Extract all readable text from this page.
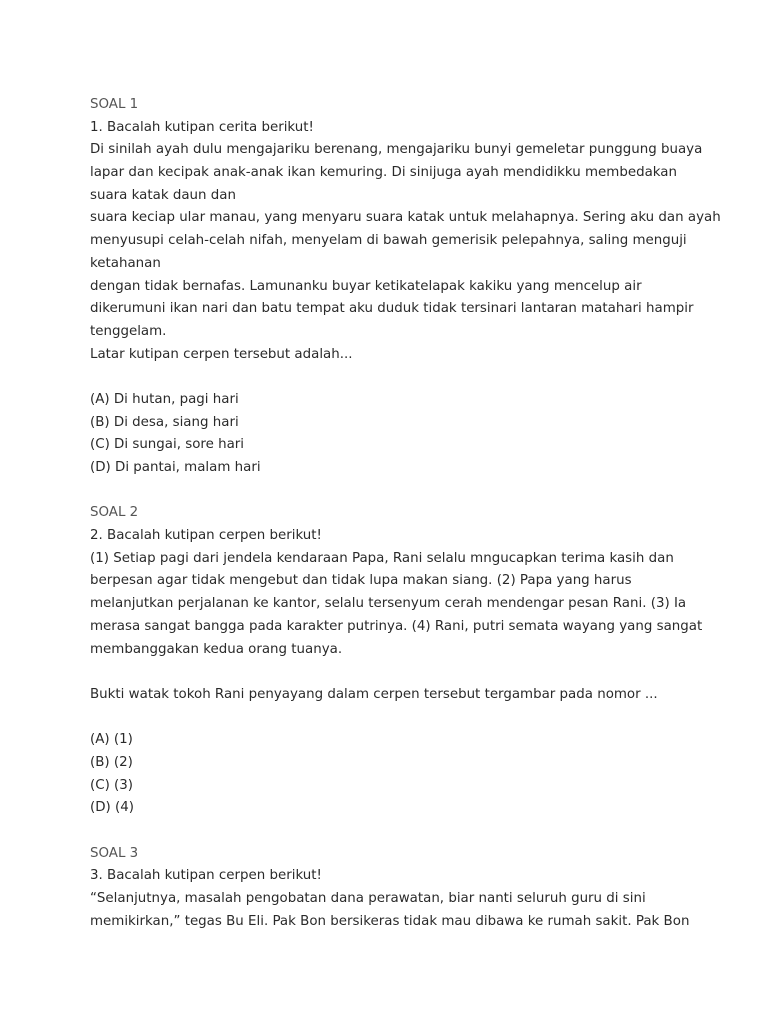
SOAL 1
1. Bacalah kutipan cerita berikut!
Di sinilah ayah dulu mengajariku berenang, mengajariku bunyi gemeletar punggung buaya
lapar dan kecipak anak-anak ikan kemuring. Di sinijuga ayah mendidikku membedakan
suara katak daun dan
suara keciap ular manau, yang menyaru suara katak untuk melahapnya. Sering aku dan ayah
menyusupi celah-celah nifah, menyelam di bawah gemerisik pelepahnya, saling menguji
ketahanan
dengan tidak bernafas. Lamunanku buyar ketikatelapak kakiku yang mencelup air
dikerumuni ikan nari dan batu tempat aku duduk tidak tersinari lantaran matahari hampir
tenggelam.
Latar kutipan cerpen tersebut adalah...
(A) Di hutan, pagi hari
(B) Di desa, siang hari
(C) Di sungai, sore hari
(D) Di pantai, malam hari
SOAL 2
2. Bacalah kutipan cerpen berikut!
(1) Setiap pagi dari jendela kendaraan Papa, Rani selalu mngucapkan terima kasih dan
berpesan agar tidak mengebut dan tidak lupa makan siang. (2) Papa yang harus
melanjutkan perjalanan ke kantor, selalu tersenyum cerah mendengar pesan Rani. (3) Ia
merasa sangat bangga pada karakter putrinya. (4) Rani, putri semata wayang yang sangat
membanggakan kedua orang tuanya.
Bukti watak tokoh Rani penyayang dalam cerpen tersebut tergambar pada nomor ...
(A) (1)
(B) (2)
(C) (3)
(D) (4)
SOAL 3
3. Bacalah kutipan cerpen berikut!
“Selanjutnya, masalah pengobatan dana perawatan, biar nanti seluruh guru di sini
memikirkan,” tegas Bu Eli. Pak Bon bersikeras tidak mau dibawa ke rumah sakit. Pak Bon
